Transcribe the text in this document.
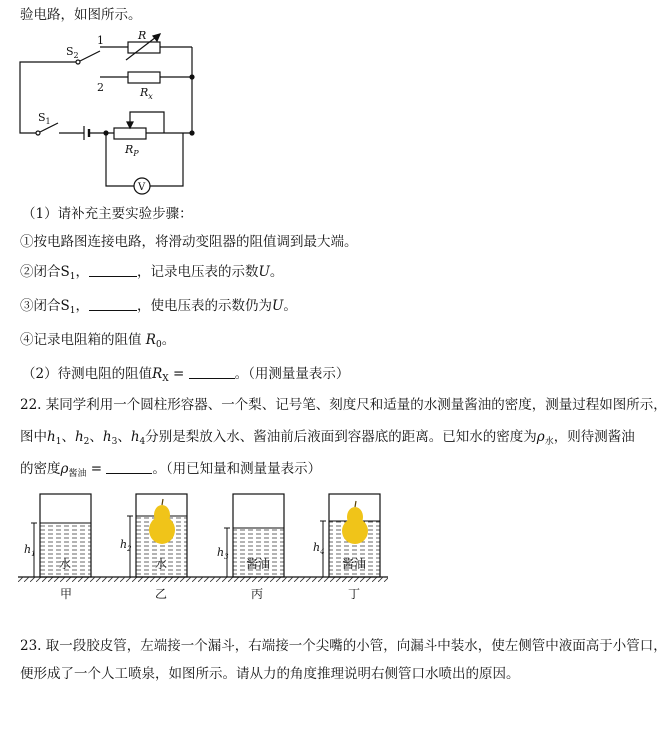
验电路，如图所示。
（1）请补充主要实验步骤：
①按电路图连接电路，将滑动变阻器的阻值调到最大端。
②闭合$S_1$，	，记录电压表的示数U。
③闭合$S_1$，	，使电压表的示数仍为U。
④记录电阻箱的阻值 $R_0$。
（2）待测电阻的阻值$R_X$ =	。（用测量量表示）
22. 某同学利用一个圆柱形容器、一个梨、记号笔、刻度尺和适量的水测量酱油的密度，测量过程如图所示，
图中$h_1$、$h_2$、$h_3$、$h_4$分别是梨放入水、酱油前后液面到容器底的距离。已知水的密度为$\rho_水$，则待测酱油
的密度$\rho_{酱油}$ =	。（用已知量和测量量表示）
23. 取一段胶皮管，左端接一个漏斗，右端接一个尖嘴的小管，向漏斗中装水，使左侧管中液面高于小管口，
便形成了一个人工喷泉，如图所示。请从力的角度推理说明右侧管口水喷出的原因。
$S_2$
1
2
R
$R_x$
$S_1$
$R_P$
V
水	水	酱油	酱油
甲	乙	丙	丁
$h_1$
$h_2$	$h_3$
$h_4$
